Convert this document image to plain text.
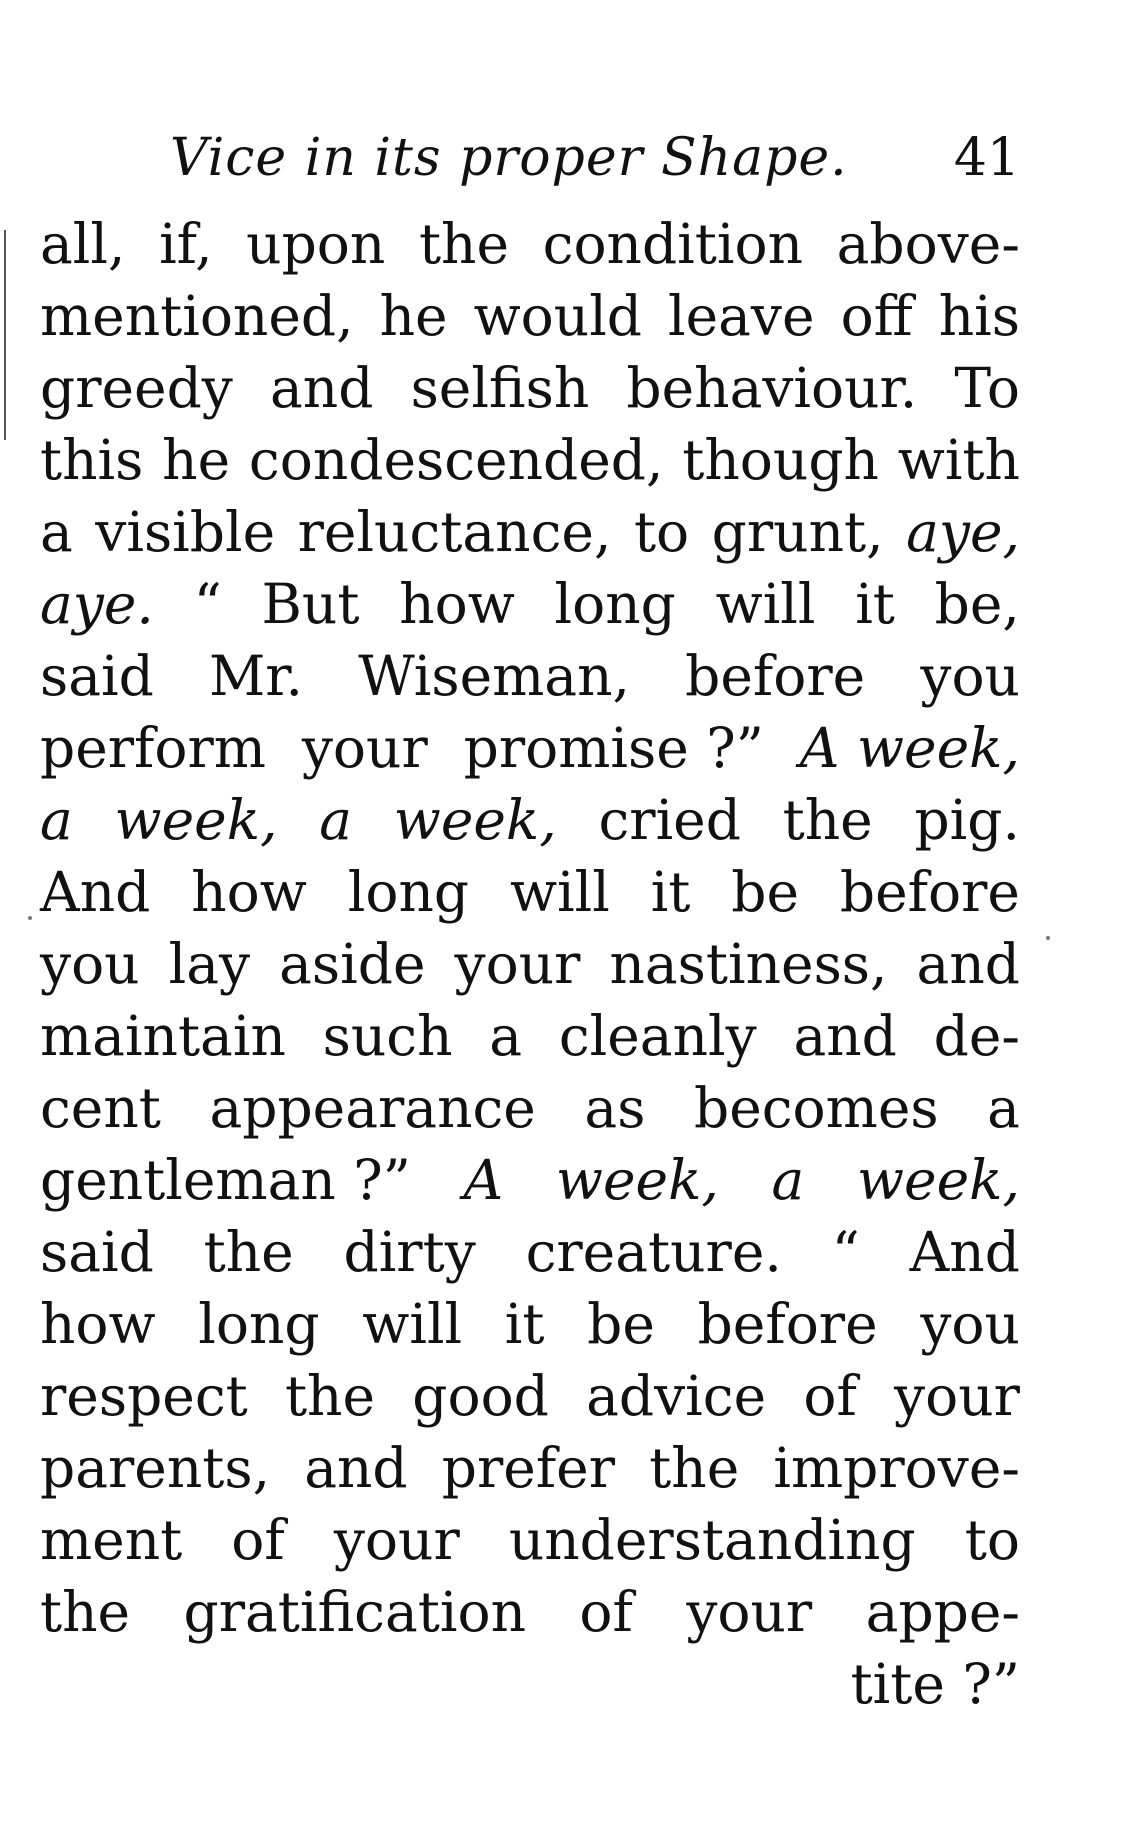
Vice in its proper Shape. 41
all, if, upon the condition above-
mentioned, he would leave off his
greedy and selfish behaviour. To
this he condescended, though with
a visible reluctance, to grunt, aye,
aye. “ But how long will it be,
said Mr. Wiseman, before you
perform your promise ?” A week,
a week, a week, cried the pig.
And how long will it be before
you lay aside your nastiness, and
maintain such a cleanly and de-
cent appearance as becomes a
gentleman ?” A week, a week,
said the dirty creature. “ And
how long will it be before you
respect the good advice of your
parents, and prefer the improve-
ment of your understanding to
the gratification of your appe-
tite ?”
